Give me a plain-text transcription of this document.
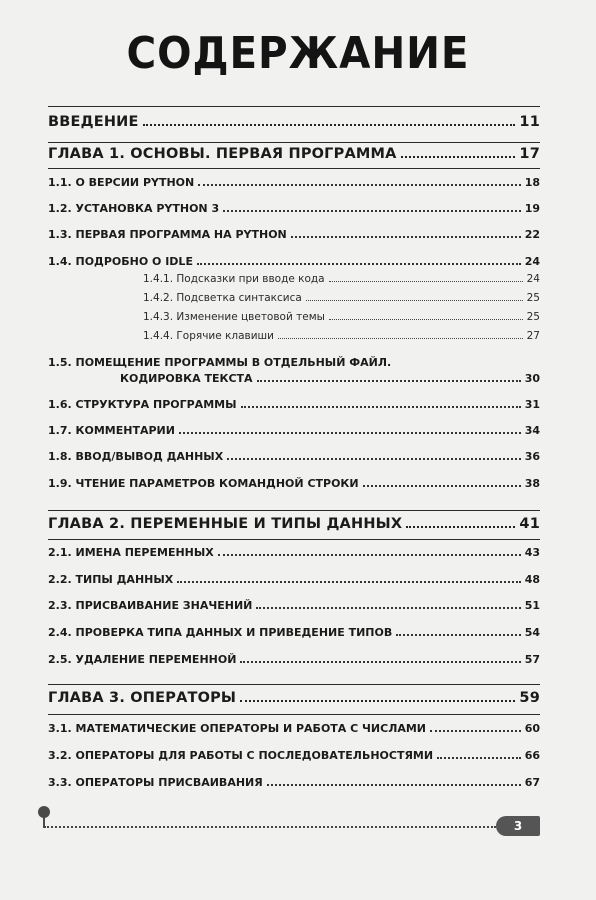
СОДЕРЖАНИЕ
ВВЕДЕНИЕ	11
ГЛАВА 1. ОСНОВЫ. ПЕРВАЯ ПРОГРАММА	17
1.1. О ВЕРСИИ PYTHON	18
1.2. УСТАНОВКА PYTHON 3	19
1.3. ПЕРВАЯ ПРОГРАММА НА PYTHON	22
1.4. ПОДРОБНО О IDLE	24
1.4.1. Подсказки при вводе кода	24
1.4.2. Подсветка синтаксиса	25
1.4.3. Изменение цветовой темы	25
1.4.4. Горячие клавиши	27
1.5. ПОМЕЩЕНИЕ ПРОГРАММЫ В ОТДЕЛЬНЫЙ ФАЙЛ.
КОДИРОВКА ТЕКСТА	30
1.6. СТРУКТУРА ПРОГРАММЫ	31
1.7. КОММЕНТАРИИ	34
1.8. ВВОД/ВЫВОД ДАННЫХ	36
1.9. ЧТЕНИЕ ПАРАМЕТРОВ КОМАНДНОЙ СТРОКИ	38
ГЛАВА 2. ПЕРЕМЕННЫЕ И ТИПЫ ДАННЫХ	41
2.1. ИМЕНА ПЕРЕМЕННЫХ	43
2.2. ТИПЫ ДАННЫХ	48
2.3. ПРИСВАИВАНИЕ ЗНАЧЕНИЙ	51
2.4. ПРОВЕРКА ТИПА ДАННЫХ И ПРИВЕДЕНИЕ ТИПОВ	54
2.5. УДАЛЕНИЕ ПЕРЕМЕННОЙ	57
ГЛАВА 3. ОПЕРАТОРЫ	59
3.1. МАТЕМАТИЧЕСКИЕ ОПЕРАТОРЫ И РАБОТА С ЧИСЛАМИ	60
3.2. ОПЕРАТОРЫ ДЛЯ РАБОТЫ С ПОСЛЕДОВАТЕЛЬНОСТЯМИ	66
3.3. ОПЕРАТОРЫ ПРИСВАИВАНИЯ	67
3
